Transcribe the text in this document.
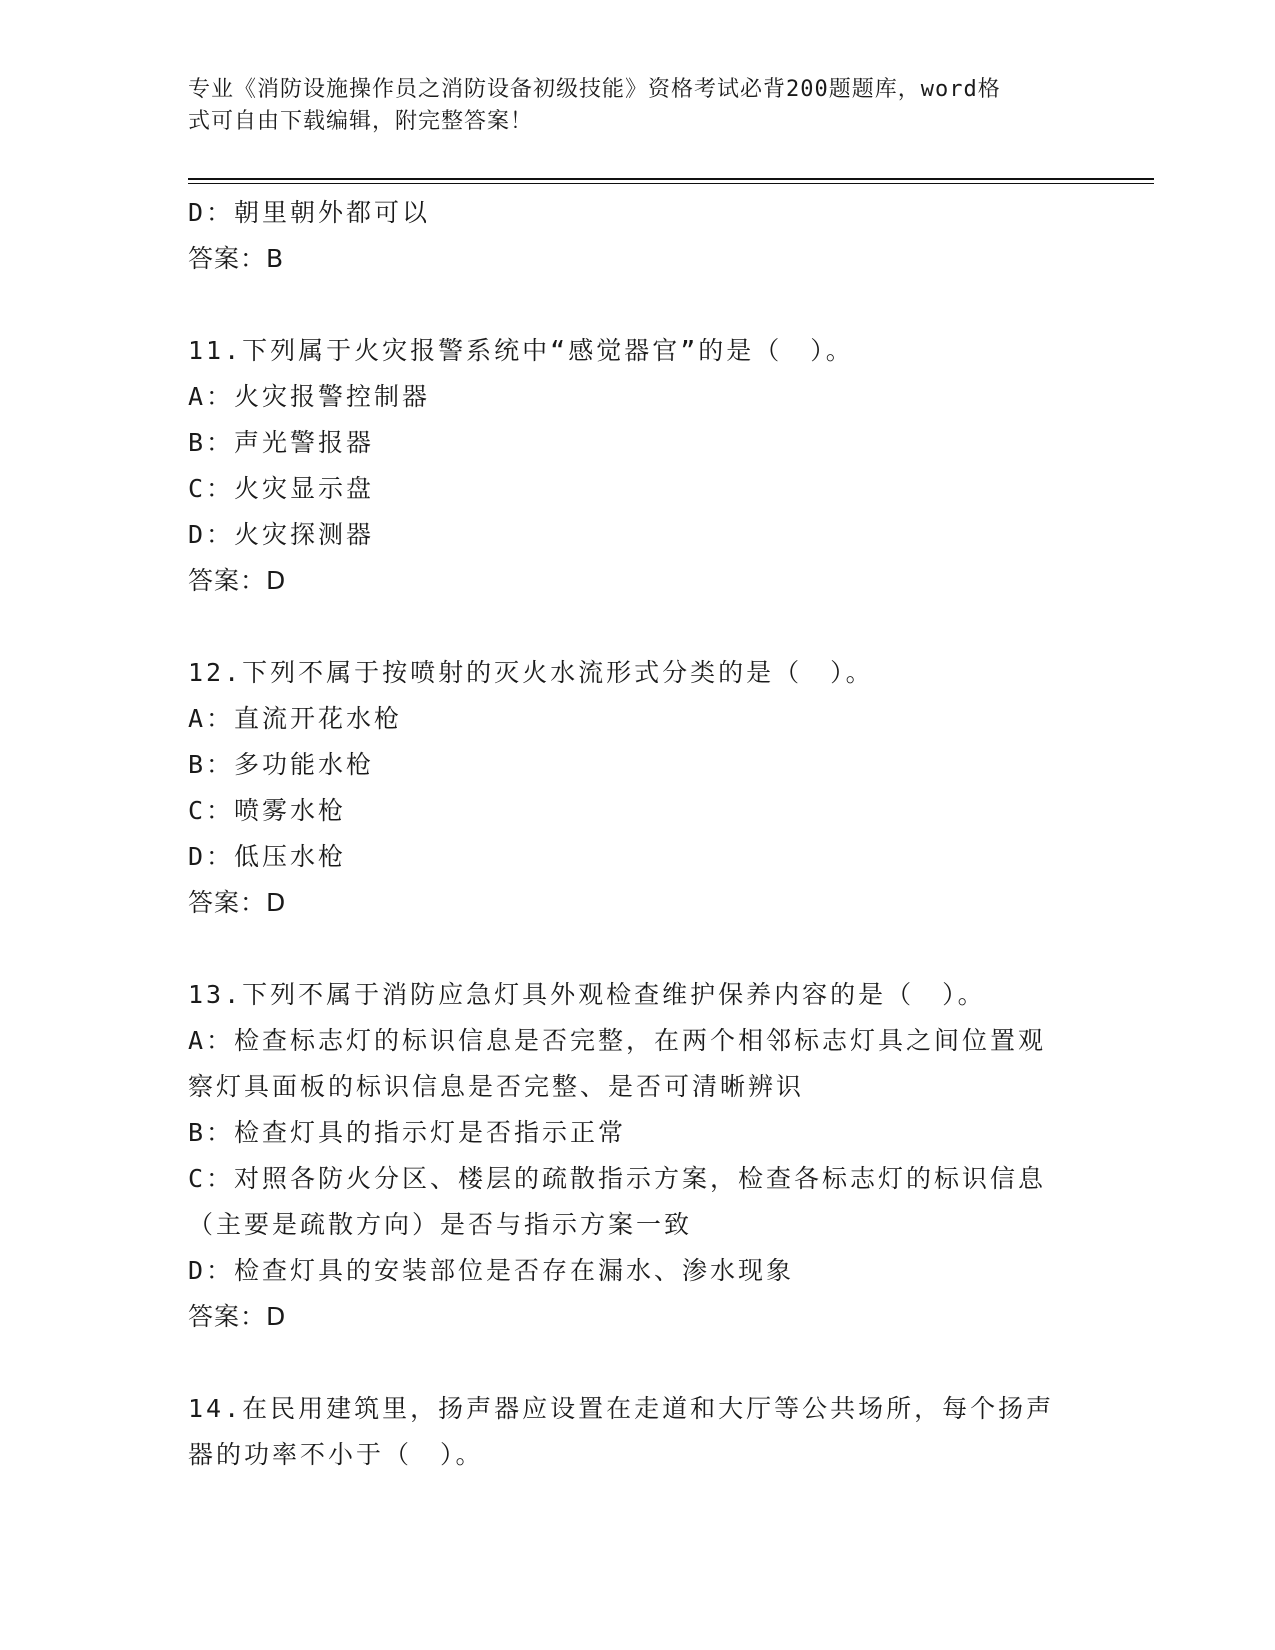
专业《消防设施操作员之消防设备初级技能》资格考试必背200题题库，word格
式可自由下载编辑，附完整答案！
D：朝里朝外都可以
答案：B
11.下列属于火灾报警系统中“感觉器官”的是（　）。
A：火灾报警控制器
B：声光警报器
C：火灾显示盘
D：火灾探测器
答案：D
12.下列不属于按喷射的灭火水流形式分类的是（　）。
A：直流开花水枪
B：多功能水枪
C：喷雾水枪
D：低压水枪
答案：D
13.下列不属于消防应急灯具外观检查维护保养内容的是（　）。
A：检查标志灯的标识信息是否完整，在两个相邻标志灯具之间位置观
察灯具面板的标识信息是否完整、是否可清晰辨识
B：检查灯具的指示灯是否指示正常
C：对照各防火分区、楼层的疏散指示方案，检查各标志灯的标识信息
（主要是疏散方向）是否与指示方案一致
D：检查灯具的安装部位是否存在漏水、渗水现象
答案：D
14.在民用建筑里，扬声器应设置在走道和大厅等公共场所，每个扬声
器的功率不小于（　）。
